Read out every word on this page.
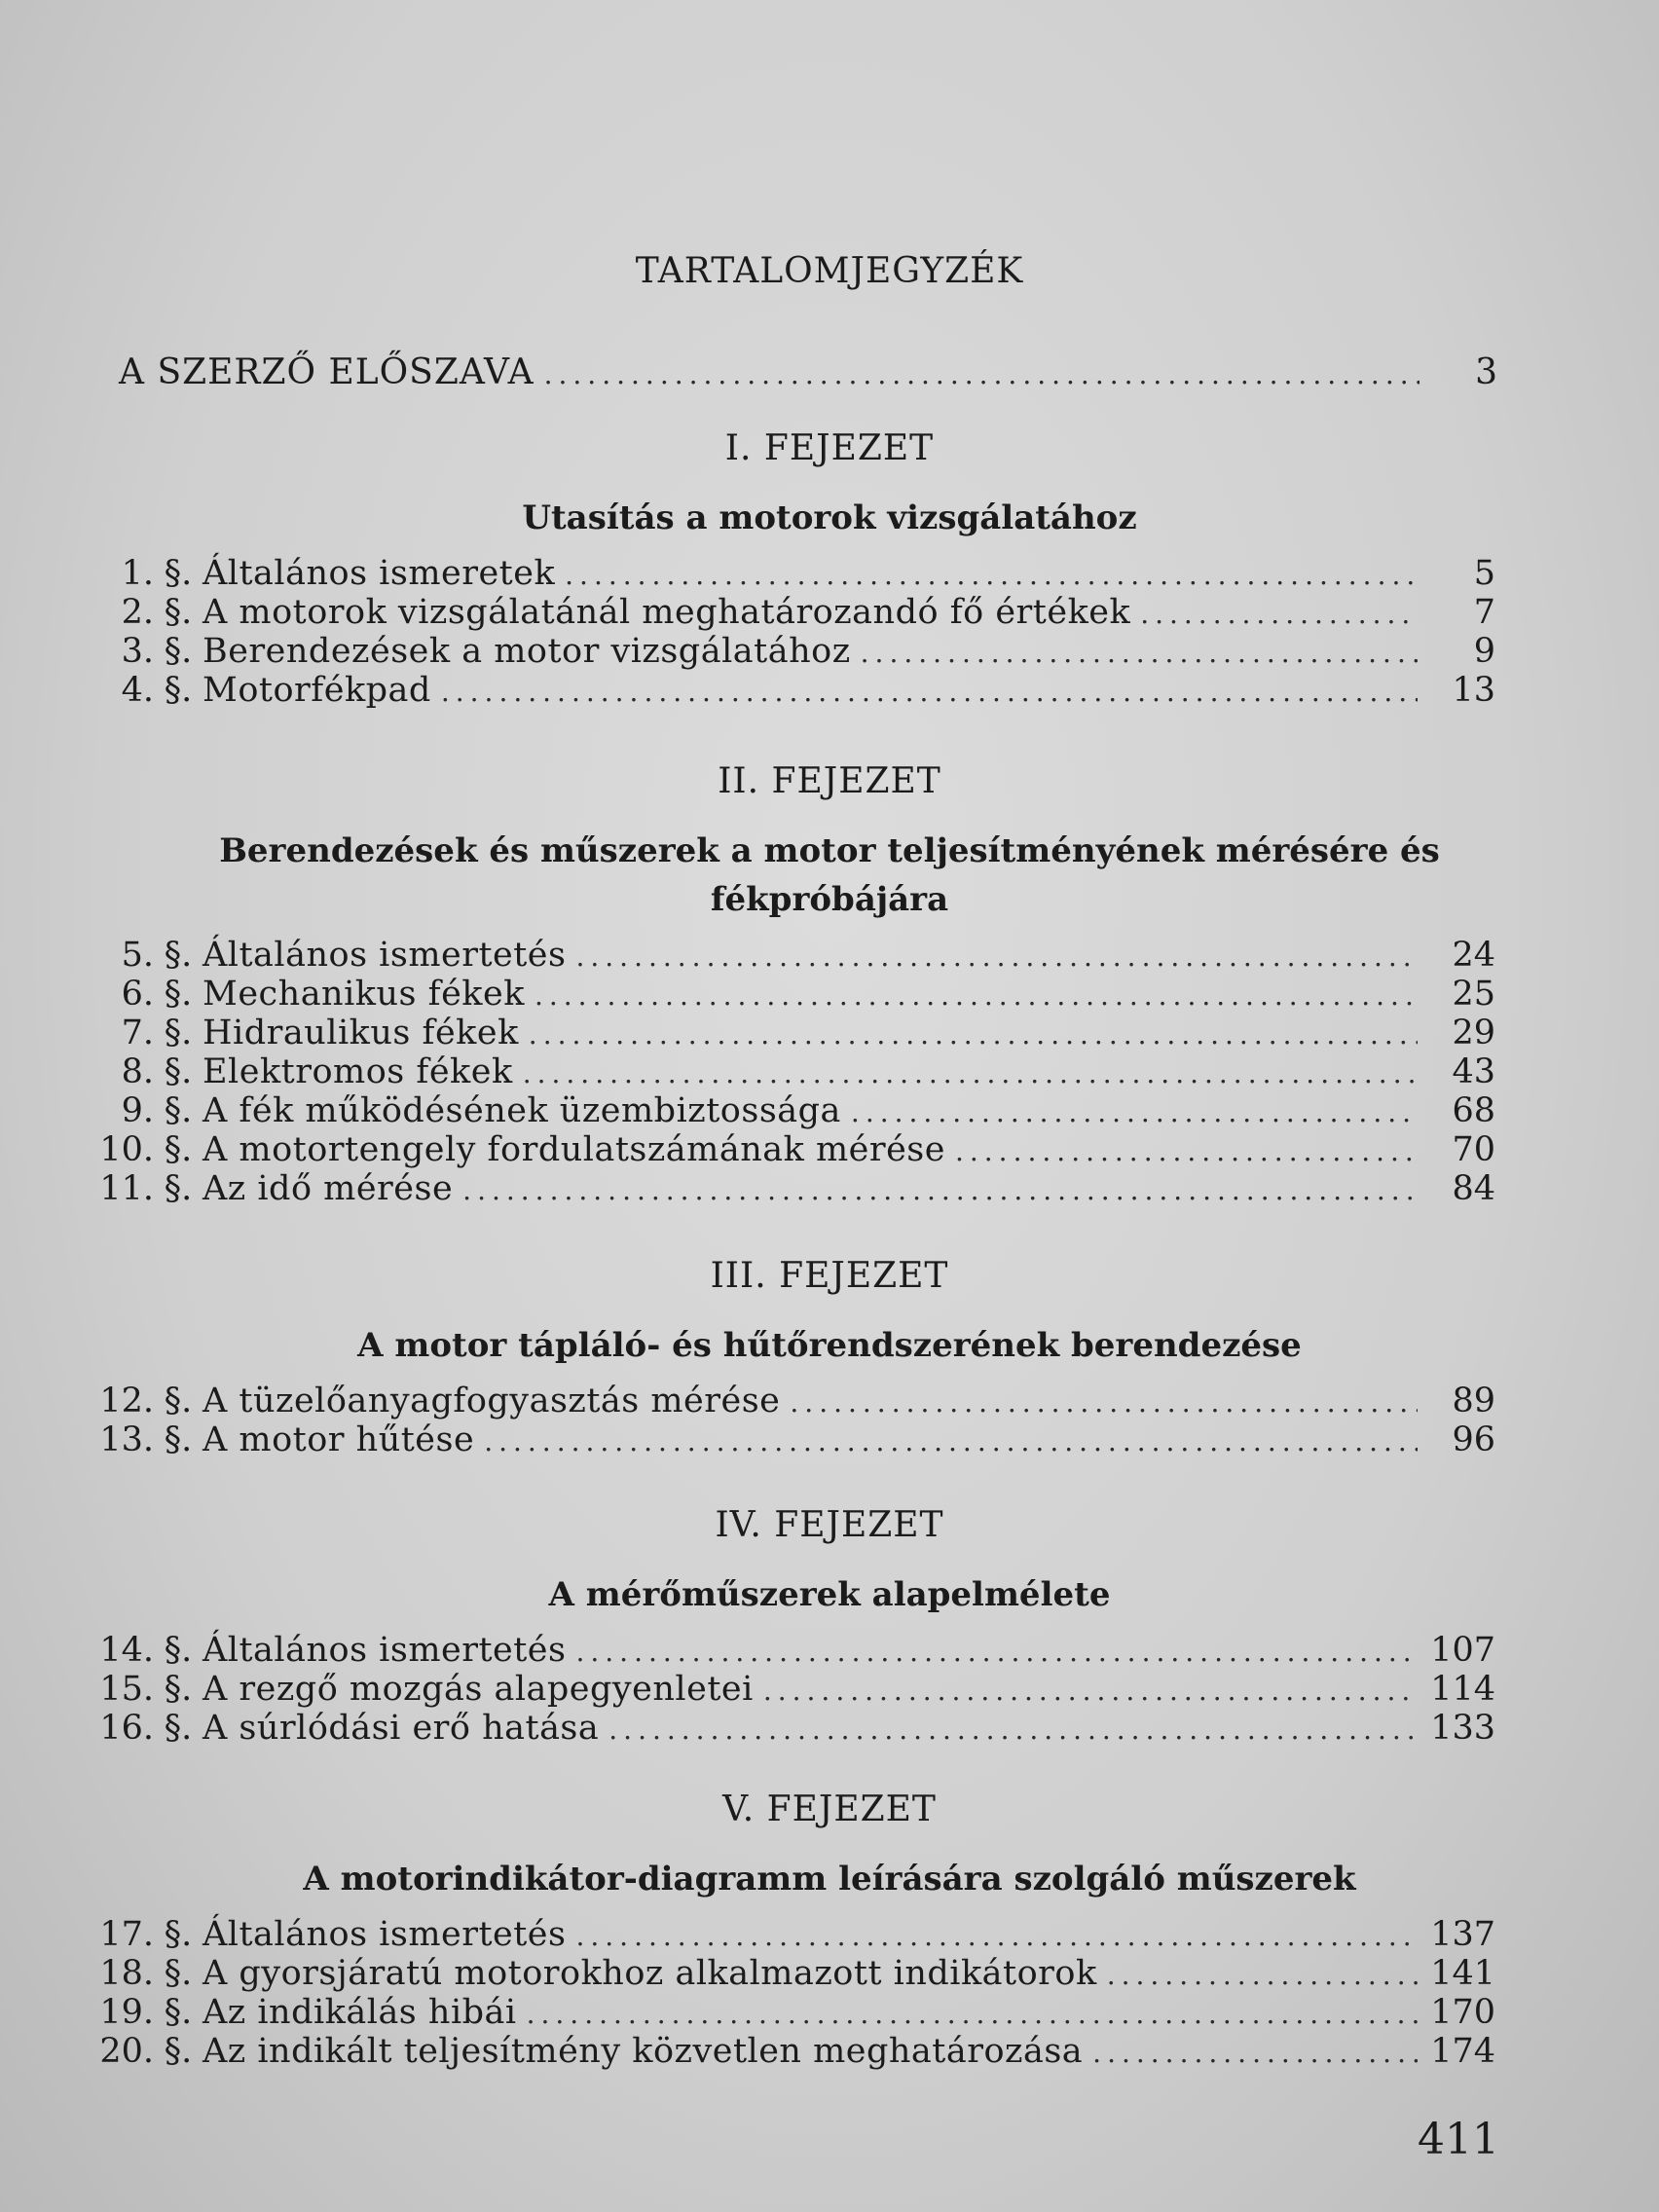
TARTALOMJEGYZÉK
A SZERZŐ ELŐSZAVA .....	3
I. FEJEZET
Utasítás a motorok vizsgálatához
1. §. Általános ismeretek .....	5
2. §. A motorok vizsgálatánál meghatározandó fő értékek .....	7
3. §. Berendezések a motor vizsgálatához .....	9
4. §. Motorfékpad .....	13
II. FEJEZET
Berendezések és műszerek a motor teljesítményének mérésére és fékpróbájára
5. §. Általános ismertetés .....	24
6. §. Mechanikus fékek .....	25
7. §. Hidraulikus fékek .....	29
8. §. Elektromos fékek .....	43
9. §. A fék működésének üzembiztossága .....	68
10. §. A motortengely fordulatszámának mérése .....	70
11. §. Az idő mérése .....	84
III. FEJEZET
A motor tápláló- és hűtőrendszerének berendezése
12. §. A tüzelőanyagfogyasztás mérése .....	89
13. §. A motor hűtése .....	96
IV. FEJEZET
A mérőműszerek alapelmélete
14. §. Általános ismertetés .....	107
15. §. A rezgő mozgás alapegyenletei .....	114
16. §. A súrlódási erő hatása .....	133
V. FEJEZET
A motorindikátor-diagramm leírására szolgáló műszerek
17. §. Általános ismertetés .....	137
18. §. A gyorsjáratú motorokhoz alkalmazott indikátorok .....	141
19. §. Az indikálás hibái .....	170
20. §. Az indikált teljesítmény közvetlen meghatározása .....	174
411
